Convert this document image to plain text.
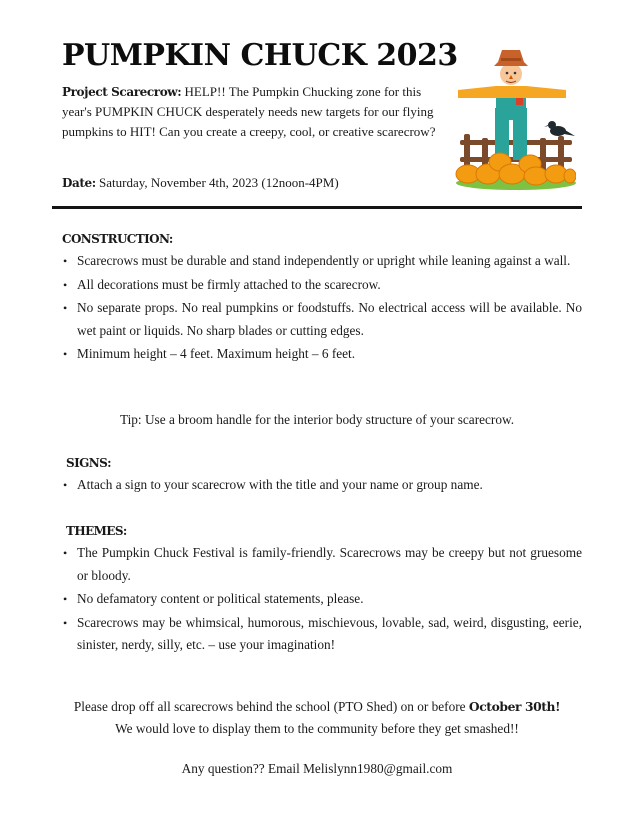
PUMPKIN CHUCK 2023

Project Scarecrow: HELP!! The Pumpkin Chucking zone for this year's PUMPKIN CHUCK desperately needs new targets for our flying pumpkins to HIT! Can you create a creepy, cool, or creative scarecrow?

Date: Saturday, November 4th, 2023 (12noon-4PM)

CONSTRUCTION:

• Scarecrows must be durable and stand independently or upright while leaning against a wall.
• All decorations must be firmly attached to the scarecrow.
• No separate props. No real pumpkins or foodstuffs. No electrical access will be available. No wet paint or liquids. No sharp blades or cutting edges.
• Minimum height – 4 feet. Maximum height – 6 feet.
Tip: Use a broom handle for the interior body structure of your scarecrow.

SIGNS:

• Attach a sign to your scarecrow with the title and your name or group name.

THEMES:

• The Pumpkin Chuck Festival is family-friendly. Scarecrows may be creepy but not gruesome or bloody.
• No defamatory content or political statements, please.
• Scarecrows may be whimsical, humorous, mischievous, lovable, sad, weird, disgusting, eerie, sinister, nerdy, silly, etc. – use your imagination!
Please drop off all scarecrows behind the school (PTO Shed) on or before October 30th!
We would love to display them to the community before they get smashed!!
Any question?? Email Melislynn1980@gmail.com
